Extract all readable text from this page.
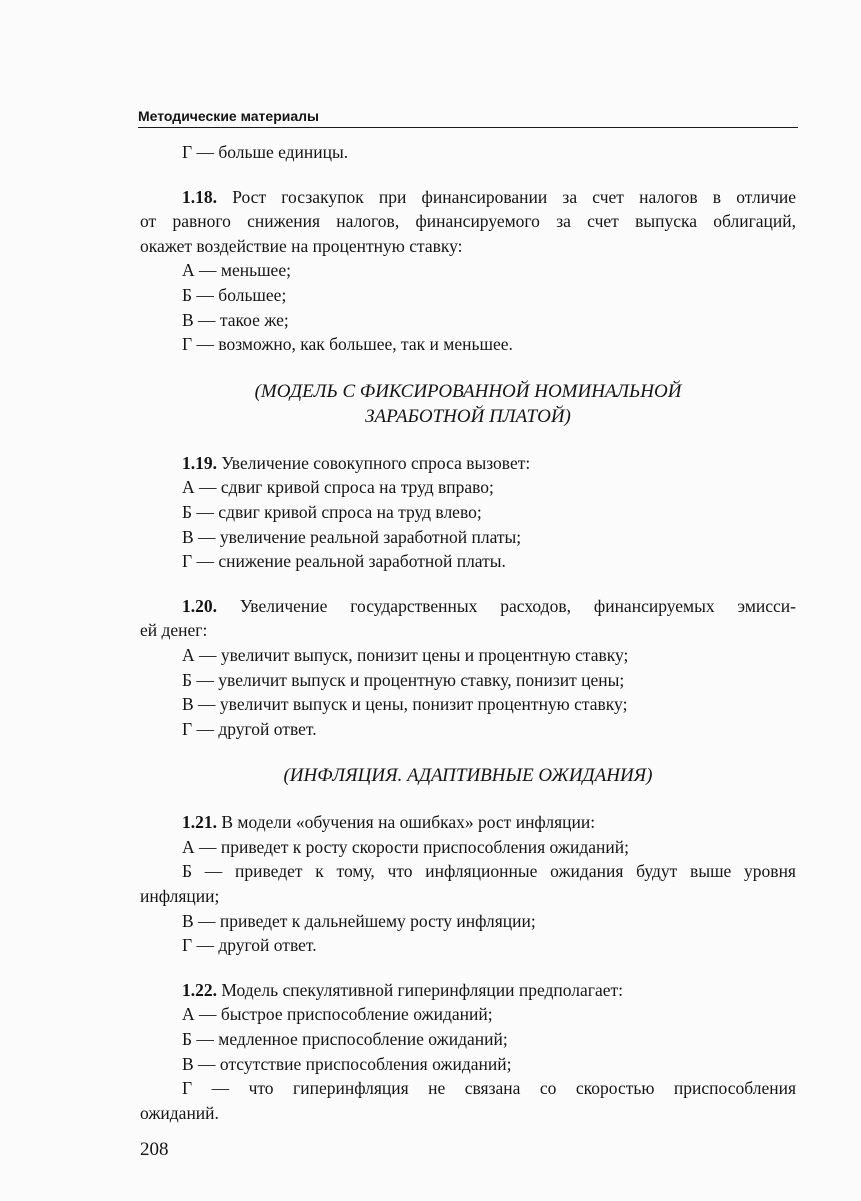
Методические материалы

Г — больше единицы.

1.18. Рост госзакупок при финансировании за счет налогов в отличие

от равного снижения налогов, финансируемого за счет выпуска облигаций,

окажет воздействие на процентную ставку:

А — меньшее;

Б — большее;

В — такое же;

Г — возможно, как большее, так и меньшее.

(МОДЕЛЬ С ФИКСИРОВАННОЙ НОМИНАЛЬНОЙ

ЗАРАБОТНОЙ ПЛАТОЙ)

1.19. Увеличение совокупного спроса вызовет:

А — сдвиг кривой спроса на труд вправо;

Б — сдвиг кривой спроса на труд влево;

В — увеличение реальной заработной платы;

Г — снижение реальной заработной платы.

1.20. Увеличение государственных расходов, финансируемых эмисси-

ей денег:

А — увеличит выпуск, понизит цены и процентную ставку;

Б — увеличит выпуск и процентную ставку, понизит цены;

В — увеличит выпуск и цены, понизит процентную ставку;

Г — другой ответ.

(ИНФЛЯЦИЯ. АДАПТИВНЫЕ ОЖИДАНИЯ)

1.21. В модели «обучения на ошибках» рост инфляции:

А — приведет к росту скорости приспособления ожиданий;

Б — приведет к тому, что инфляционные ожидания будут выше уровня

инфляции;

В — приведет к дальнейшему росту инфляции;

Г — другой ответ.

1.22. Модель спекулятивной гиперинфляции предполагает:

А — быстрое приспособление ожиданий;

Б — медленное приспособление ожиданий;

В — отсутствие приспособления ожиданий;

Г — что гиперинфляция не связана со скоростью приспособления

ожиданий.

208
